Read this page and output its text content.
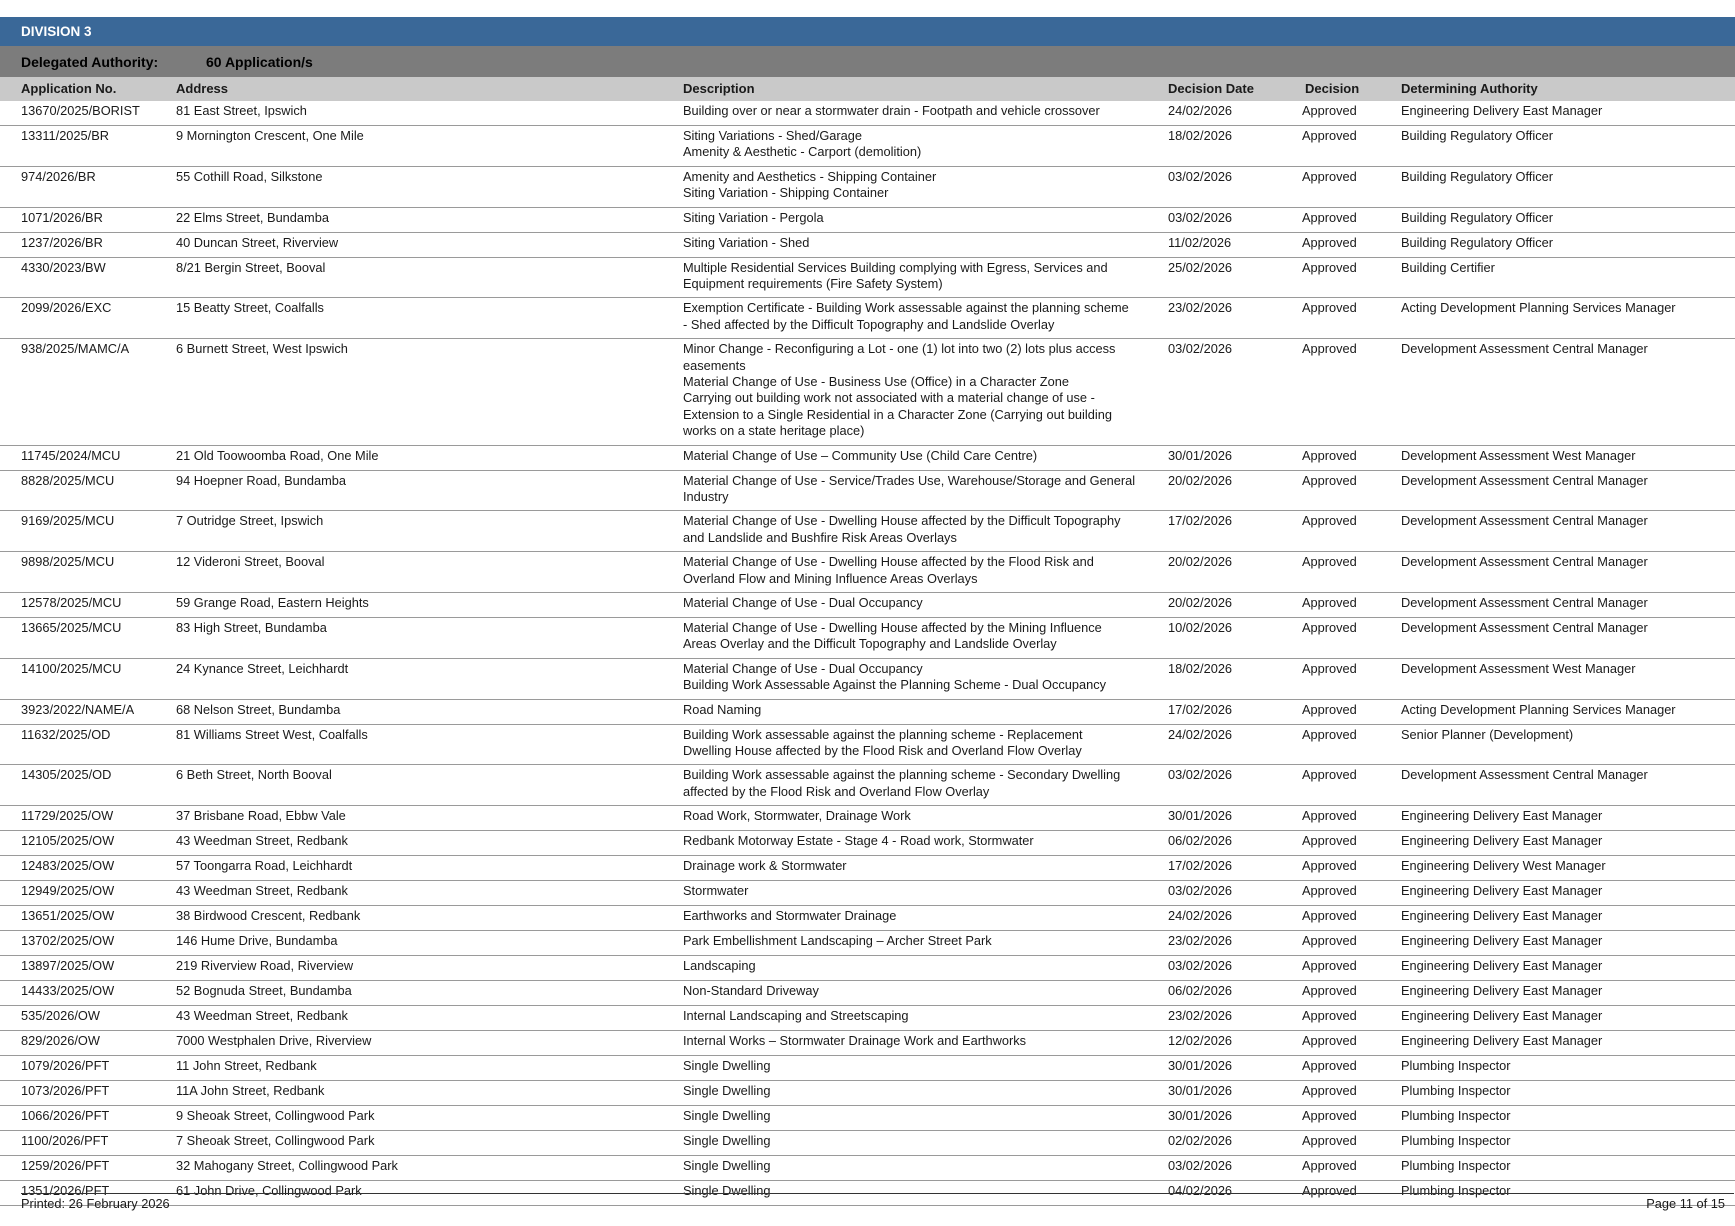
DIVISION 3
Delegated Authority:	60 Application/s
Application No.	Address	Description	Decision Date	Decision	Determining Authority
13670/2025/BORIST	81 East Street, Ipswich	Building over or near a stormwater drain - Footpath and vehicle crossover	24/02/2026	Approved	Engineering Delivery East Manager
13311/2025/BR	9 Mornington Crescent, One Mile	Siting Variations - Shed/Garage
Amenity & Aesthetic - Carport (demolition)
18/02/2026	Approved	Building Regulatory Officer
974/2026/BR	55 Cothill Road, Silkstone	Amenity and Aesthetics - Shipping Container
Siting Variation - Shipping Container
03/02/2026	Approved	Building Regulatory Officer
1071/2026/BR	22 Elms Street, Bundamba	Siting Variation - Pergola	03/02/2026	Approved	Building Regulatory Officer
1237/2026/BR	40 Duncan Street, Riverview	Siting Variation - Shed	11/02/2026	Approved	Building Regulatory Officer
4330/2023/BW	8/21 Bergin Street, Booval	Multiple Residential Services Building complying with Egress, Services and
Equipment requirements (Fire Safety System)
25/02/2026	Approved	Building Certifier
2099/2026/EXC	15 Beatty Street, Coalfalls	Exemption Certificate - Building Work assessable against the planning scheme
- Shed affected by the Difficult Topography and Landslide Overlay
23/02/2026	Approved	Acting Development Planning Services Manager
938/2025/MAMC/A	6 Burnett Street, West Ipswich	Minor Change - Reconfiguring a Lot - one (1) lot into two (2) lots plus access
easements
Material Change of Use - Business Use (Office) in a Character Zone
Carrying out building work not associated with a material change of use -
Extension to a Single Residential in a Character Zone (Carrying out building
works on a state heritage place)
03/02/2026	Approved	Development Assessment Central Manager
11745/2024/MCU	21 Old Toowoomba Road, One Mile	Material Change of Use – Community Use (Child Care Centre)	30/01/2026	Approved	Development Assessment West Manager
8828/2025/MCU	94 Hoepner Road, Bundamba	Material Change of Use - Service/Trades Use, Warehouse/Storage and General
Industry
20/02/2026	Approved	Development Assessment Central Manager
9169/2025/MCU	7 Outridge Street, Ipswich	Material Change of Use - Dwelling House affected by the Difficult Topography
and Landslide and Bushfire Risk Areas Overlays
17/02/2026	Approved	Development Assessment Central Manager
9898/2025/MCU	12 Videroni Street, Booval	Material Change of Use - Dwelling House affected by the Flood Risk and
Overland Flow and Mining Influence Areas Overlays
20/02/2026	Approved	Development Assessment Central Manager
12578/2025/MCU	59 Grange Road, Eastern Heights	Material Change of Use - Dual Occupancy	20/02/2026	Approved	Development Assessment Central Manager
13665/2025/MCU	83 High Street, Bundamba	Material Change of Use - Dwelling House affected by the Mining Influence
Areas Overlay and the Difficult Topography and Landslide Overlay
10/02/2026	Approved	Development Assessment Central Manager
14100/2025/MCU	24 Kynance Street, Leichhardt	Material Change of Use - Dual Occupancy
Building Work Assessable Against the Planning Scheme - Dual Occupancy
18/02/2026	Approved	Development Assessment West Manager
3923/2022/NAME/A	68 Nelson Street, Bundamba	Road Naming	17/02/2026	Approved	Acting Development Planning Services Manager
11632/2025/OD	81 Williams Street West, Coalfalls	Building Work assessable against the planning scheme - Replacement
Dwelling House affected by the Flood Risk and Overland Flow Overlay
24/02/2026	Approved	Senior Planner (Development)
14305/2025/OD	6 Beth Street, North Booval	Building Work assessable against the planning scheme - Secondary Dwelling
affected by the Flood Risk and Overland Flow Overlay
03/02/2026	Approved	Development Assessment Central Manager
11729/2025/OW	37 Brisbane Road, Ebbw Vale	Road Work, Stormwater, Drainage Work	30/01/2026	Approved	Engineering Delivery East Manager
12105/2025/OW	43 Weedman Street, Redbank	Redbank Motorway Estate - Stage 4 - Road work, Stormwater	06/02/2026	Approved	Engineering Delivery East Manager
12483/2025/OW	57 Toongarra Road, Leichhardt	Drainage work & Stormwater	17/02/2026	Approved	Engineering Delivery West Manager
12949/2025/OW	43 Weedman Street, Redbank	Stormwater	03/02/2026	Approved	Engineering Delivery East Manager
13651/2025/OW	38 Birdwood Crescent, Redbank	Earthworks and Stormwater Drainage	24/02/2026	Approved	Engineering Delivery East Manager
13702/2025/OW	146 Hume Drive, Bundamba	Park Embellishment Landscaping – Archer Street Park	23/02/2026	Approved	Engineering Delivery East Manager
13897/2025/OW	219 Riverview Road, Riverview	Landscaping	03/02/2026	Approved	Engineering Delivery East Manager
14433/2025/OW	52 Bognuda Street, Bundamba	Non-Standard Driveway	06/02/2026	Approved	Engineering Delivery East Manager
535/2026/OW	43 Weedman Street, Redbank	Internal Landscaping and Streetscaping	23/02/2026	Approved	Engineering Delivery East Manager
829/2026/OW	7000 Westphalen Drive, Riverview	Internal Works – Stormwater Drainage Work and Earthworks	12/02/2026	Approved	Engineering Delivery East Manager
1079/2026/PFT	11 John Street, Redbank	Single Dwelling	30/01/2026	Approved	Plumbing Inspector
1073/2026/PFT	11A John Street, Redbank	Single Dwelling	30/01/2026	Approved	Plumbing Inspector
1066/2026/PFT	9 Sheoak Street, Collingwood Park	Single Dwelling	30/01/2026	Approved	Plumbing Inspector
1100/2026/PFT	7 Sheoak Street, Collingwood Park	Single Dwelling	02/02/2026	Approved	Plumbing Inspector
1259/2026/PFT	32 Mahogany Street, Collingwood Park	Single Dwelling	03/02/2026	Approved	Plumbing Inspector
1351/2026/PFT	61 John Drive, Collingwood Park	Single Dwelling	04/02/2026	Approved	Plumbing Inspector
Printed: 26 February 2026	Page 11 of 15
